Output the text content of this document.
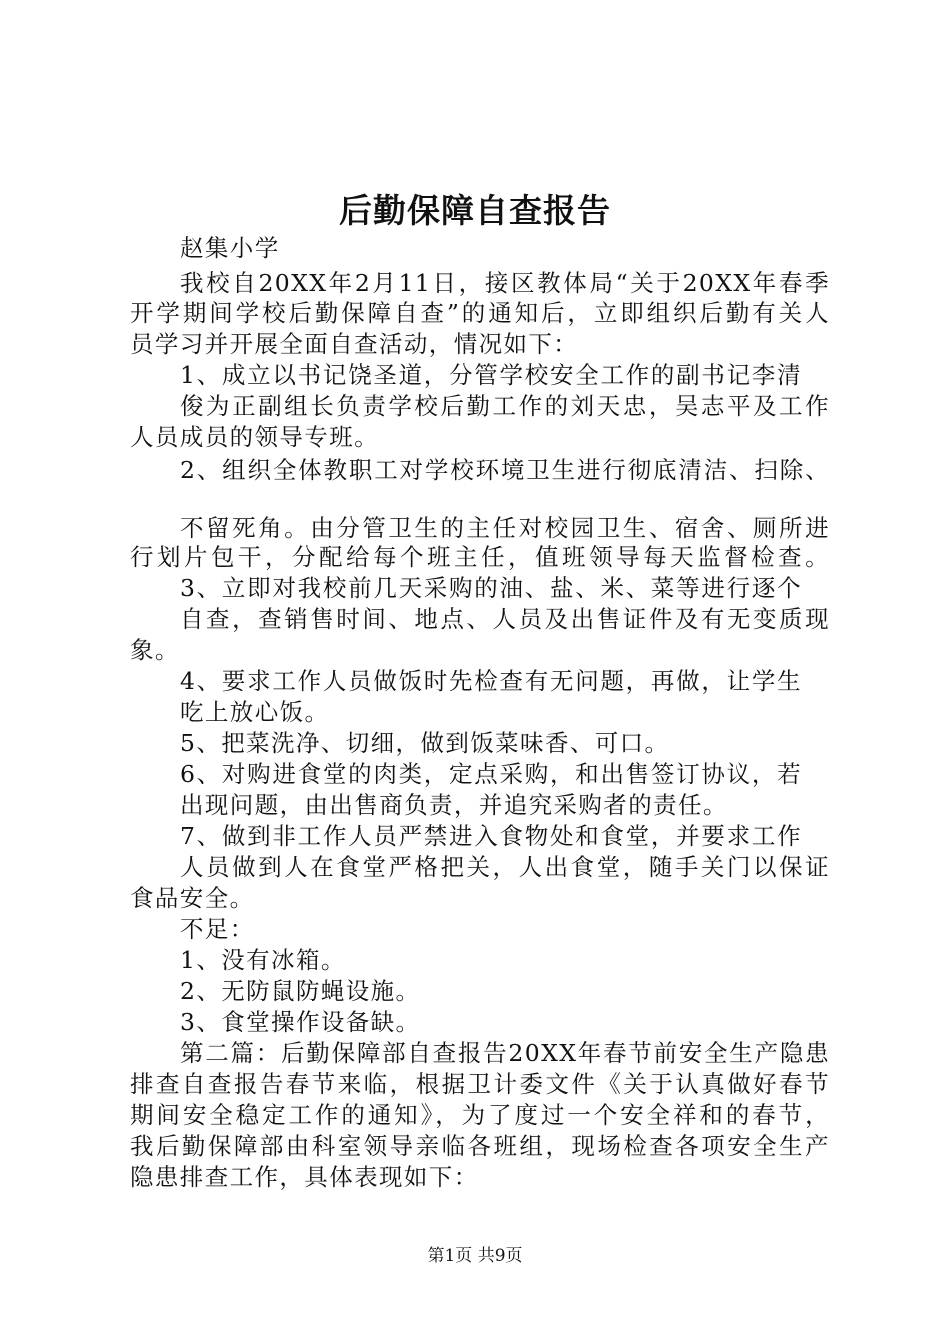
后勤保障自查报告
赵集小学
我校自20XX年2月11日，接区教体局“关于20XX年春季
开学期间学校后勤保障自查”的通知后，立即组织后勤有关人
员学习并开展全面自查活动，情况如下：
1、成立以书记饶圣道，分管学校安全工作的副书记李清
俊为正副组长负责学校后勤工作的刘天忠，吴志平及工作
人员成员的领导专班。
2、组织全体教职工对学校环境卫生进行彻底清洁、扫除、
不留死角。由分管卫生的主任对校园卫生、宿舍、厕所进
行划片包干，分配给每个班主任，值班领导每天监督检查。
3、立即对我校前几天采购的油、盐、米、菜等进行逐个
自查，查销售时间、地点、人员及出售证件及有无变质现
象。
4、要求工作人员做饭时先检查有无问题，再做，让学生
吃上放心饭。
5、把菜洗净、切细，做到饭菜味香、可口。
6、对购进食堂的肉类，定点采购，和出售签订协议，若
出现问题，由出售商负责，并追究采购者的责任。
7、做到非工作人员严禁进入食物处和食堂，并要求工作
人员做到人在食堂严格把关，人出食堂，随手关门以保证
食品安全。
不足：
1、没有冰箱。
2、无防鼠防蝇设施。
3、食堂操作设备缺。
第二篇：后勤保障部自查报告20XX年春节前安全生产隐患
排查自查报告春节来临，根据卫计委文件《关于认真做好春节
期间安全稳定工作的通知》，为了度过一个安全祥和的春节，
我后勤保障部由科室领导亲临各班组，现场检查各项安全生产
隐患排查工作，具体表现如下：
第1页 共9页
